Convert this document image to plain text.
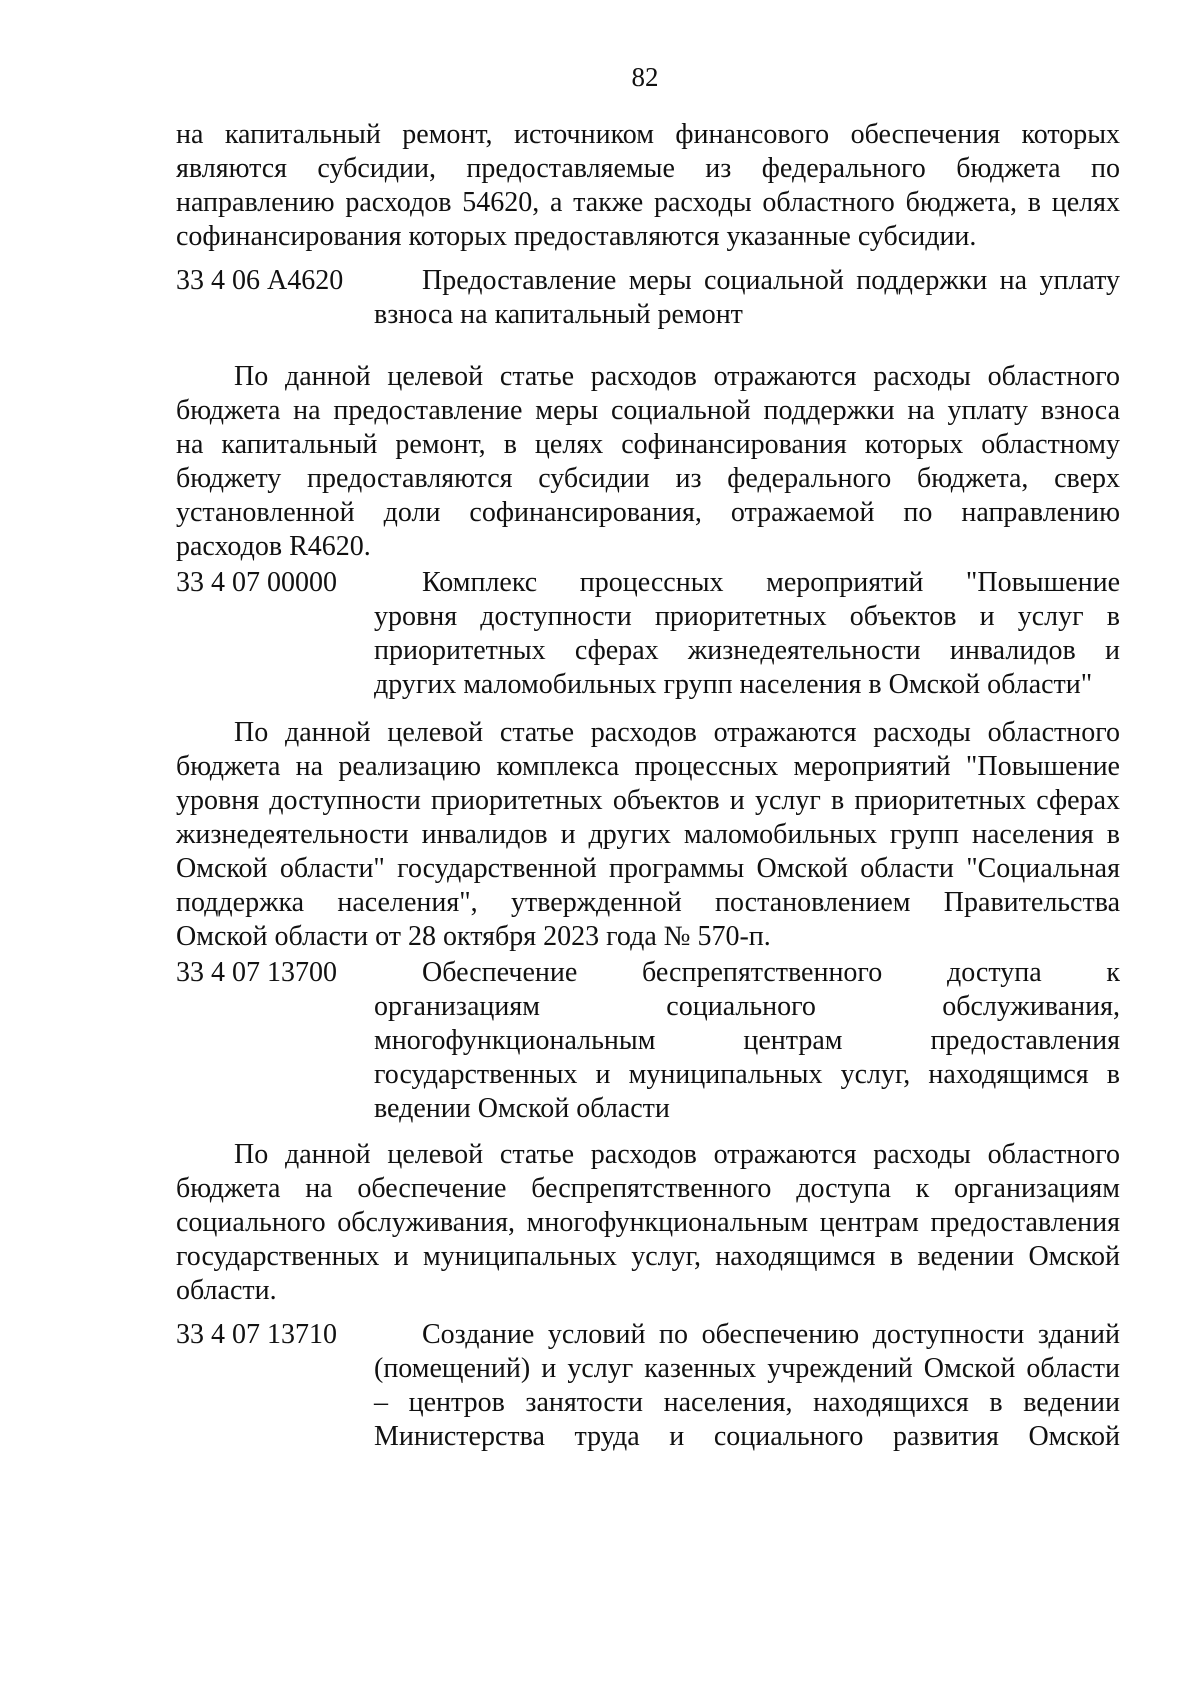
82
на капитальный ремонт, источником финансового обеспечения которых
являются субсидии, предоставляемые из федерального бюджета по
направлению расходов 54620, а также расходы областного бюджета, в целях
софинансирования которых предоставляются указанные субсидии.
33 4 06 А4620	Предоставление меры социальной поддержки на уплату
взноса на капитальный ремонт
По данной целевой статье расходов отражаются расходы областного
бюджета на предоставление меры социальной поддержки на уплату взноса
на капитальный ремонт, в целях софинансирования которых областному
бюджету предоставляются субсидии из федерального бюджета, сверх
установленной доли софинансирования, отражаемой по направлению
расходов R4620.
33 4 07 00000	Комплекс процессных мероприятий "Повышение
уровня доступности приоритетных объектов и услуг в
приоритетных сферах жизнедеятельности инвалидов и
других маломобильных групп населения в Омской области"
По данной целевой статье расходов отражаются расходы областного
бюджета на реализацию комплекса процессных мероприятий "Повышение
уровня доступности приоритетных объектов и услуг в приоритетных сферах
жизнедеятельности инвалидов и других маломобильных групп населения в
Омской области" государственной программы Омской области "Социальная
поддержка населения", утвержденной постановлением Правительства
Омской области от 28 октября 2023 года № 570-п.
33 4 07 13700	Обеспечение беспрепятственного доступа к
организациям социального обслуживания,
многофункциональным центрам предоставления
государственных и муниципальных услуг, находящимся в
ведении Омской области
По данной целевой статье расходов отражаются расходы областного
бюджета на обеспечение беспрепятственного доступа к организациям
социального обслуживания, многофункциональным центрам предоставления
государственных и муниципальных услуг, находящимся в ведении Омской
области.
33 4 07 13710	Создание условий по обеспечению доступности зданий
(помещений) и услуг казенных учреждений Омской области
– центров занятости населения, находящихся в ведении
Министерства труда и социального развития Омской
